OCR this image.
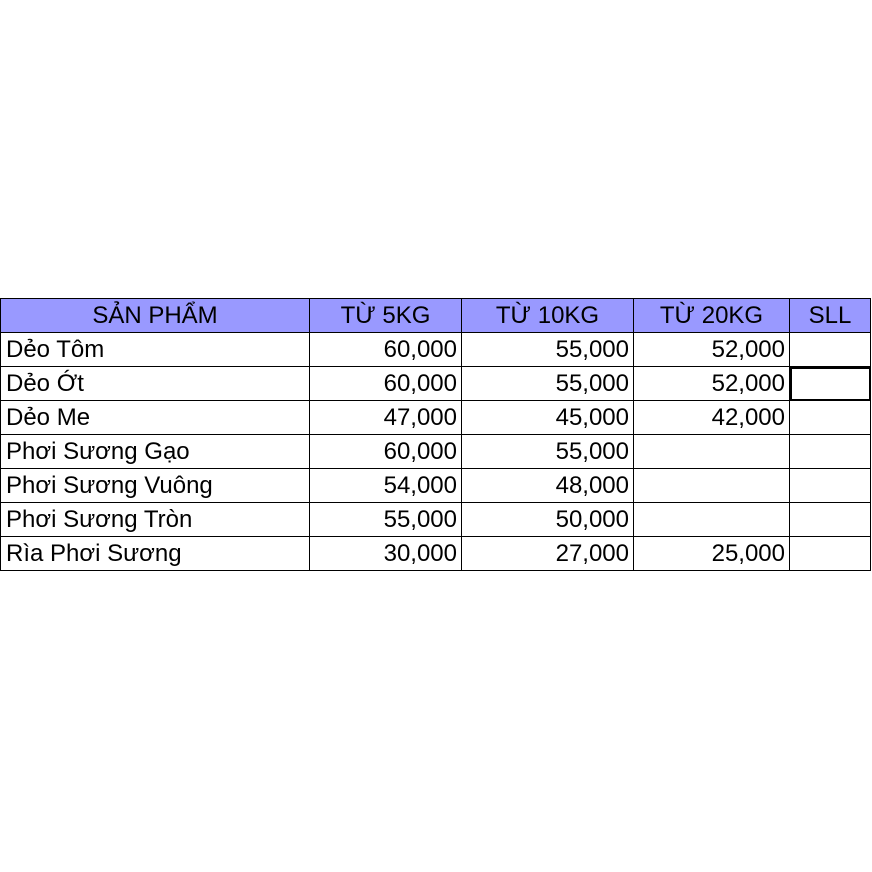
SẢN PHẨM	TỪ 5KG	TỪ 10KG	TỪ 20KG	SLL
Dẻo Tôm	60,000	55,000	52,000	
Dẻo Ớt	60,000	55,000	52,000	
Dẻo Me	47,000	45,000	42,000	
Phơi Sương Gạo	60,000	55,000		
Phơi Sương Vuông	54,000	48,000		
Phơi Sương Tròn	55,000	50,000		
Rìa Phơi Sương	30,000	27,000	25,000	
